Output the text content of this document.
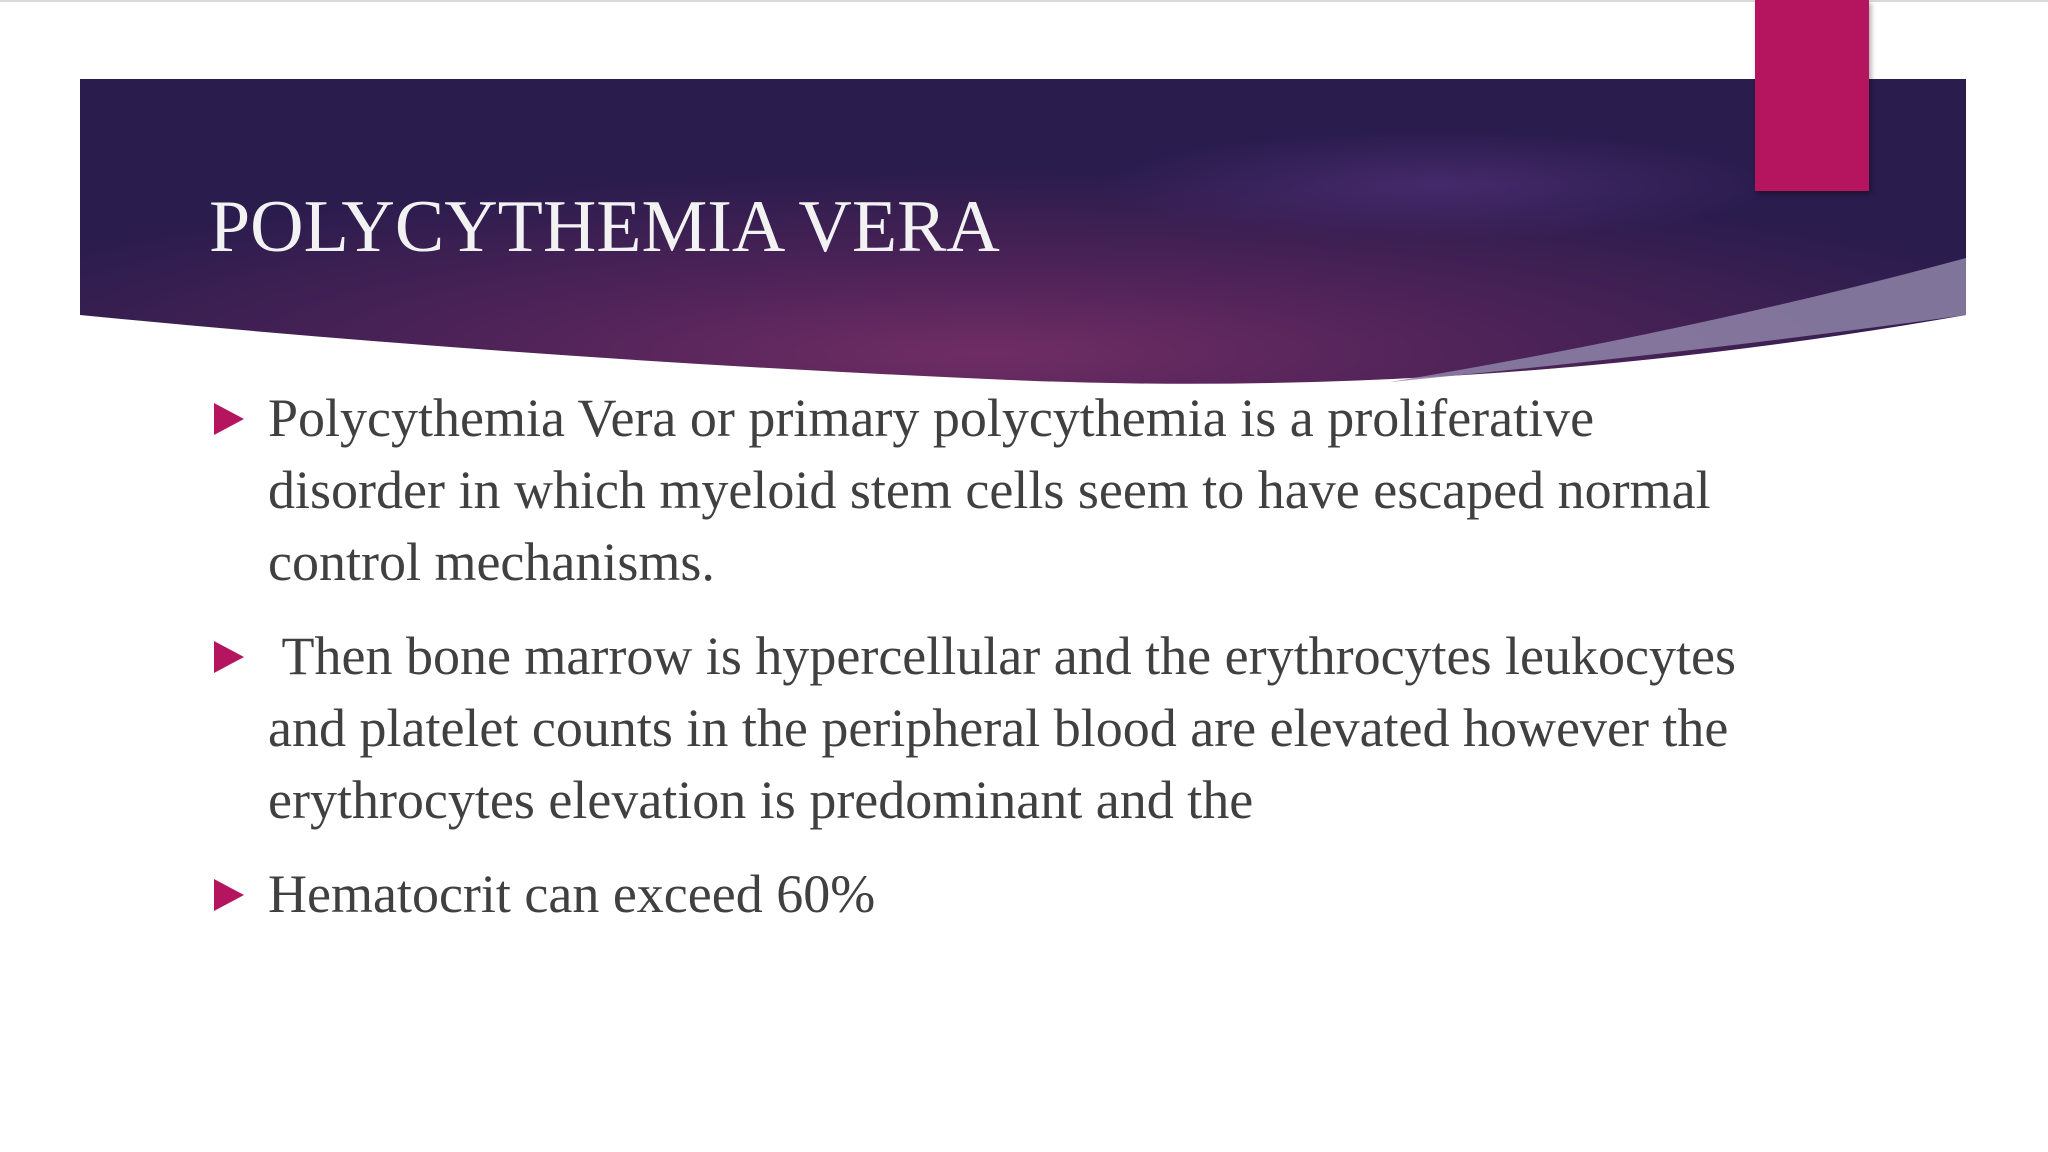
POLYCYTHEMIA VERA
Polycythemia Vera or primary polycythemia is a proliferative disorder in which myeloid stem cells seem to have escaped normal control mechanisms.
Then bone marrow is hypercellular and the erythrocytes leukocytes and platelet counts in the peripheral blood are elevated however the erythrocytes elevation is predominant and the
Hematocrit can exceed 60%
